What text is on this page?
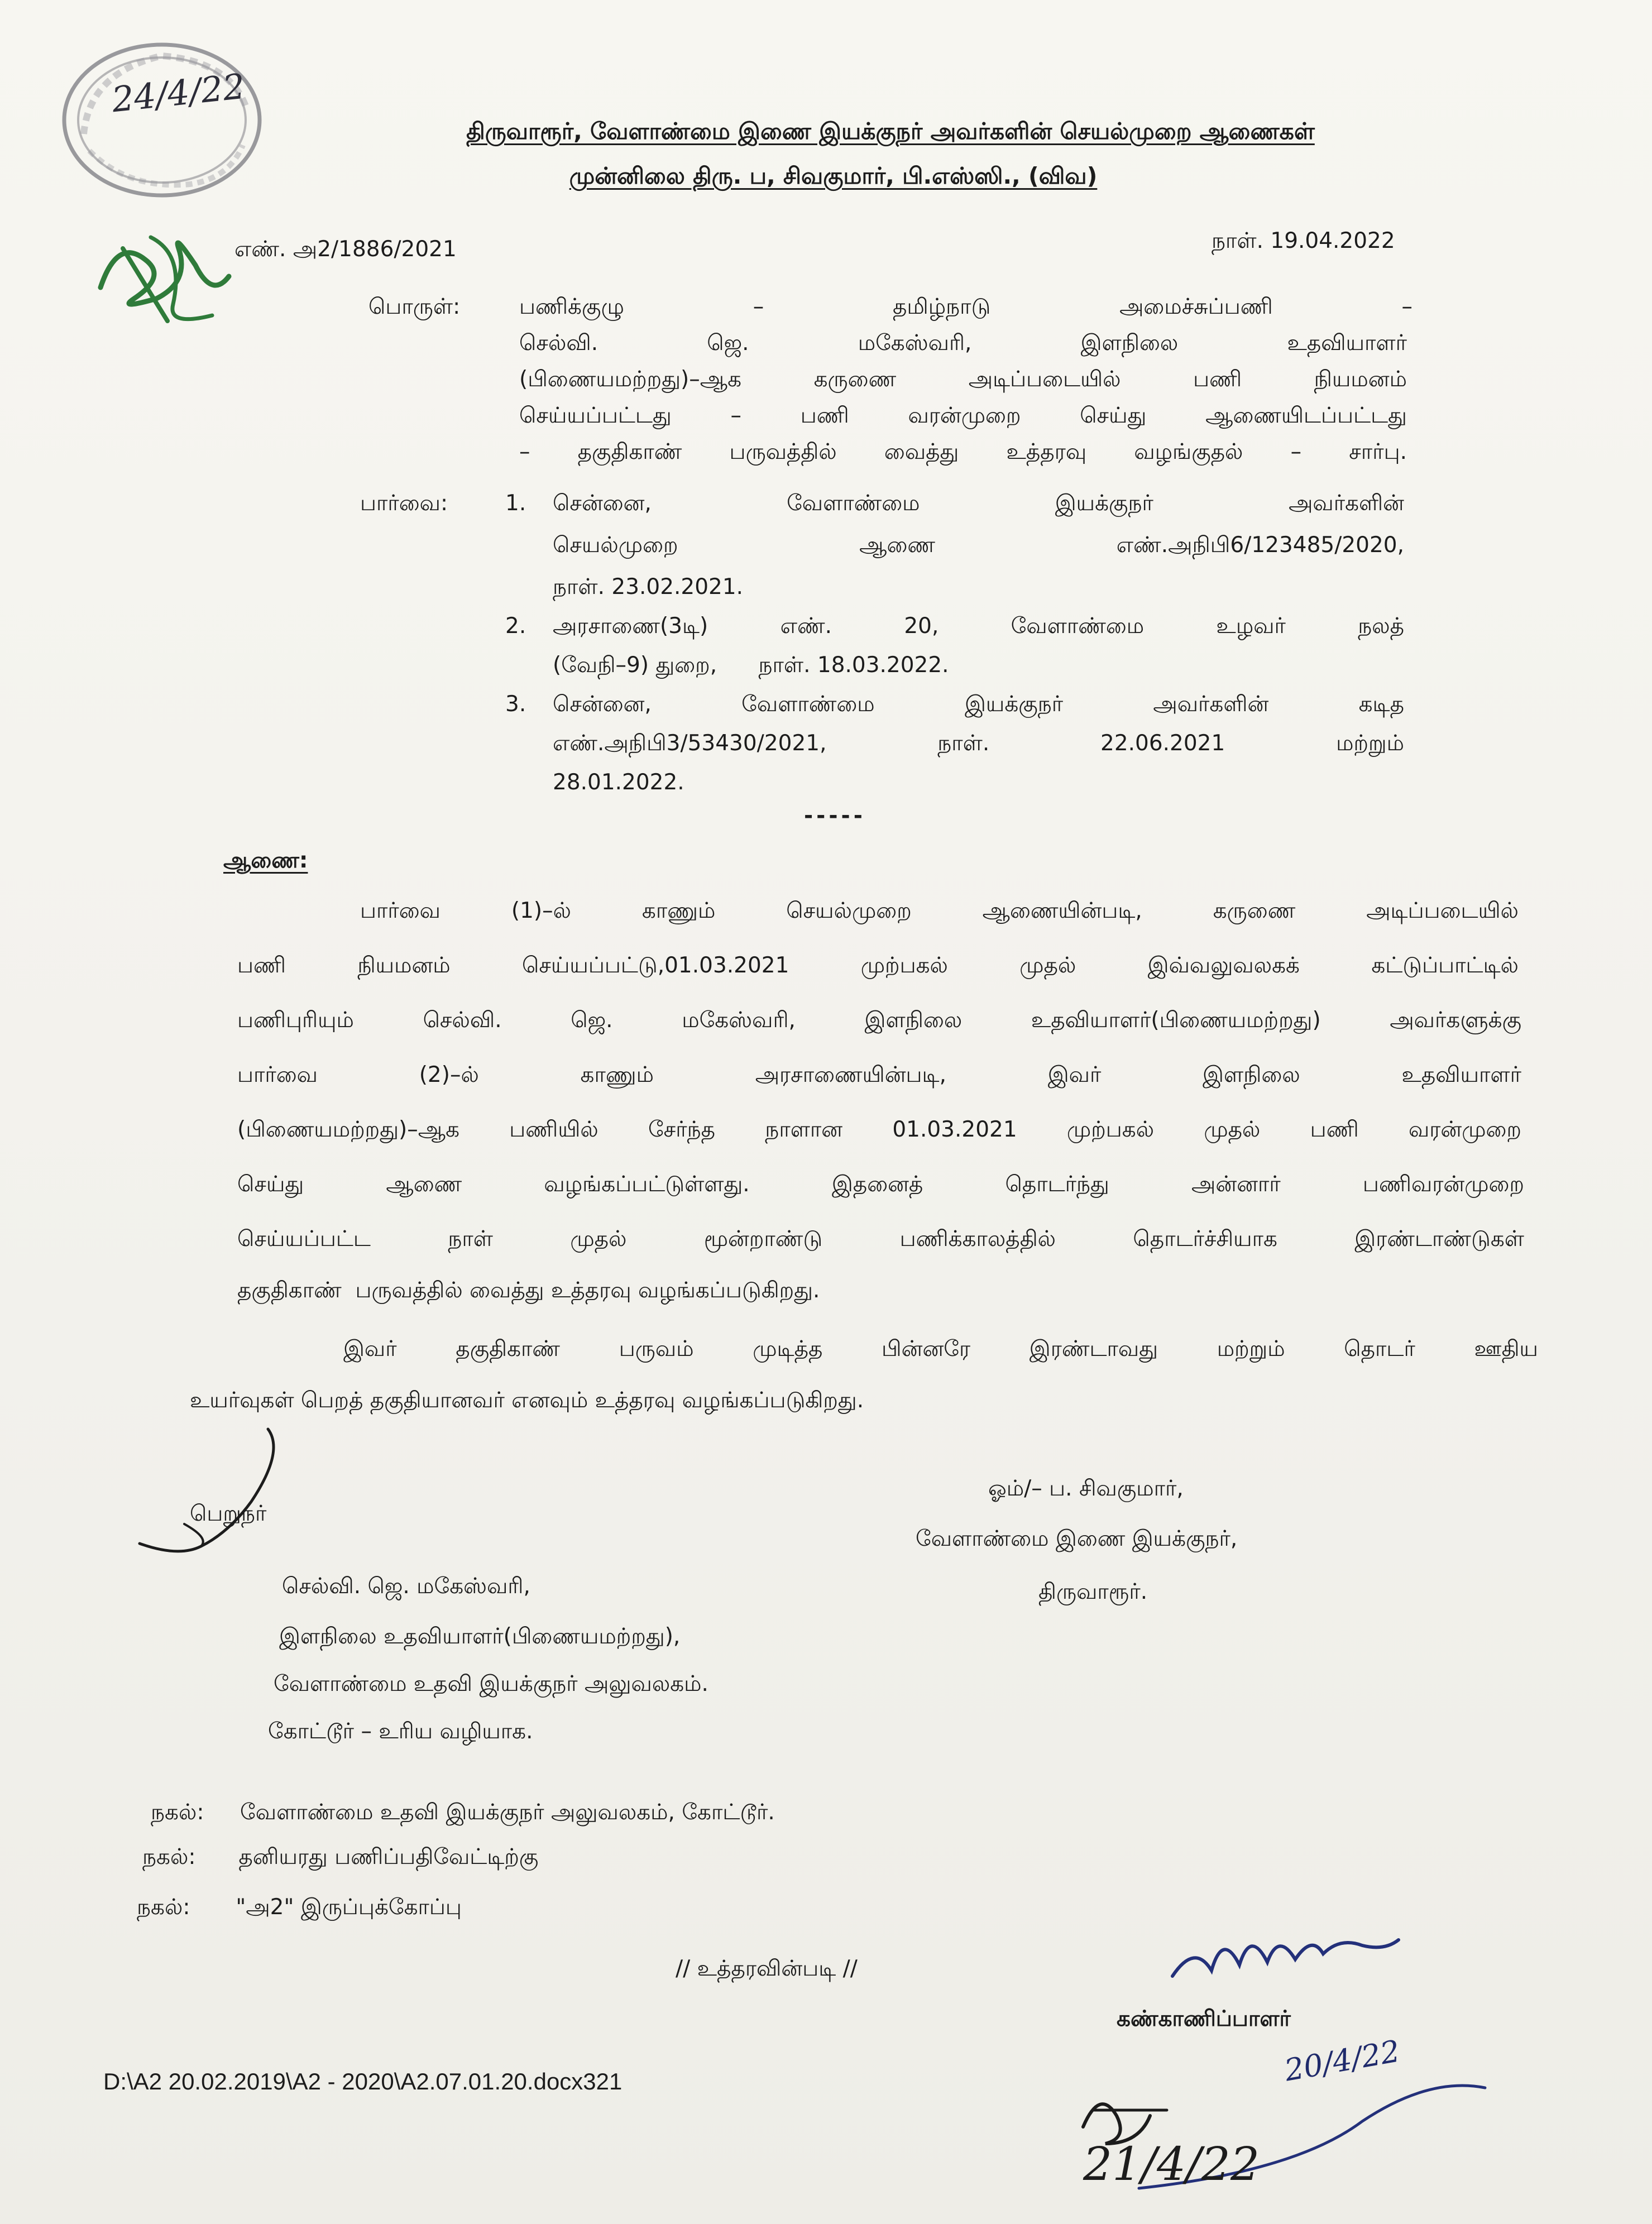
24/4/22
திருவாரூர், வேளாண்மை இணை இயக்குநர் அவர்களின் செயல்முறை ஆணைகள்
முன்னிலை திரு. ப, சிவகுமார், பி.எஸ்ஸி., (விவ)
எண். அ2/1886/2021	நாள். 19.04.2022
பொருள்:	பணிக்குழு – தமிழ்நாடு அமைச்சுப்பணி –
செல்வி. ஜெ. மகேஸ்வரி, இளநிலை உதவியாளர்
(பிணையமற்றது)–ஆக கருணை அடிப்படையில் பணி நியமனம்
செய்யப்பட்டது – பணி வரன்முறை செய்து ஆணையிடப்பட்டது
– தகுதிகாண் பருவத்தில் வைத்து உத்தரவு வழங்குதல் – சார்பு.
பார்வை:	1. சென்னை, வேளாண்மை இயக்குநர் அவர்களின்
செயல்முறை ஆணை எண்.அநிபி6/123485/2020,
நாள். 23.02.2021.
2. அரசாணை(3டி) எண். 20, வேளாண்மை உழவர் நலத்
(வேநி–9) துறை,      நாள். 18.03.2022.
3. சென்னை, வேளாண்மை இயக்குநர் அவர்களின் கடித
எண்.அநிபி3/53430/2021, நாள். 22.06.2021 மற்றும்
28.01.2022.
-----
ஆணை:
பார்வை (1)–ல் காணும் செயல்முறை ஆணையின்படி, கருணை அடிப்படையில்
பணி நியமனம் செய்யப்பட்டு,01.03.2021 முற்பகல் முதல் இவ்வலுவலகக் கட்டுப்பாட்டில்
பணிபுரியும் செல்வி. ஜெ. மகேஸ்வரி, இளநிலை உதவியாளர்(பிணையமற்றது) அவர்களுக்கு
பார்வை (2)–ல் காணும் அரசாணையின்படி, இவர் இளநிலை உதவியாளர்
(பிணையமற்றது)–ஆக பணியில் சேர்ந்த நாளான 01.03.2021 முற்பகல் முதல் பணி வரன்முறை
செய்து ஆணை வழங்கப்பட்டுள்ளது. இதனைத் தொடர்ந்து அன்னார் பணிவரன்முறை
செய்யப்பட்ட நாள் முதல் மூன்றாண்டு பணிக்காலத்தில் தொடர்ச்சியாக இரண்டாண்டுகள்
தகுதிகாண்  பருவத்தில் வைத்து உத்தரவு வழங்கப்படுகிறது.
இவர் தகுதிகாண் பருவம் முடித்த பின்னரே இரண்டாவது மற்றும் தொடர் ஊதிய
உயர்வுகள் பெறத் தகுதியானவர் எனவும் உத்தரவு வழங்கப்படுகிறது.
ஓம்/– ப. சிவகுமார்,
வேளாண்மை இணை இயக்குநர்,
திருவாரூர்.
பெறுநர்
செல்வி. ஜெ. மகேஸ்வரி,
இளநிலை உதவியாளர்(பிணையமற்றது),
வேளாண்மை உதவி இயக்குநர் அலுவலகம்.
கோட்டூர் – உரிய வழியாக.
நகல்: வேளாண்மை உதவி இயக்குநர் அலுவலகம், கோட்டூர்.
நகல்: தனியரது பணிப்பதிவேட்டிற்கு
நகல்: "அ2" இருப்புக்கோப்பு
// உத்தரவின்படி //
கண்காணிப்பாளர்
20/4/22
21/4/22
D:\A2 20.02.2019\A2 - 2020\A2.07.01.20.docx321
